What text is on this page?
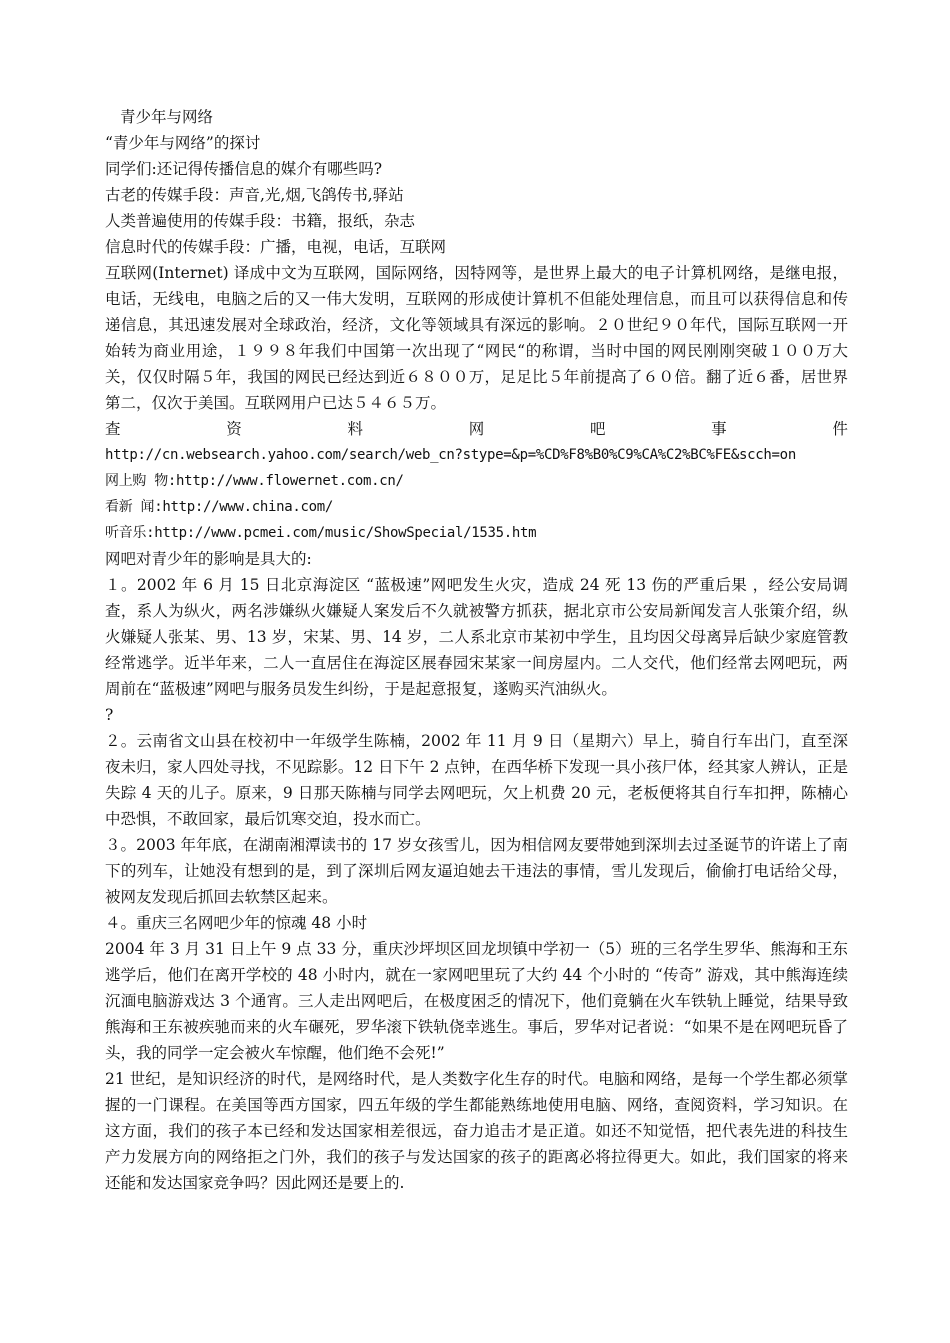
青少年与网络
“青少年与网络”的探讨
同学们:还记得传播信息的媒介有哪些吗?
古老的传媒手段：声音,光,烟,飞鸽传书,驿站
人类普遍使用的传媒手段：书籍，报纸，杂志
信息时代的传媒手段：广播，电视，电话，互联网

互联网(Internet) 译成中文为互联网，国际网络，因特网等，是世界上最大的电子计算机网络，是继电报，电话，无线电，电脑之后的又一伟大发明，互联网的形成使计算机不但能处理信息，而且可以获得信息和传递信息，其迅速发展对全球政治，经济，文化等领域具有深远的影响。２０世纪９０年代，国际互联网一开始转为商业用途，１９９８年我们中国第一次出现了“网民“的称谓，当时中国的网民刚刚突破１００万大关，仅仅时隔５年，我国的网民已经达到近６８００万，足足比５年前提高了６０倍。翻了近６番，居世界第二，仅次于美国。互联网用户已达５４６５万。

查	资	料	网	吧	事	件
http://cn.websearch.yahoo.com/search/web_cn?stype=&p=%CD%F8%B0%C9%CA%C2%BC%FE&scch=on
网上购 物:http://www.flowernet.com.cn/
看新 闻:http://www.china.com/
听音乐:http://www.pcmei.com/music/ShowSpecial/1535.htm
网吧对青少年的影响是具大的:

１。2002 年 6 月 15 日北京海淀区 “蓝极速”网吧发生火灾，造成 24 死 13 伤的严重后果 ，经公安局调查，系人为纵火，两名涉嫌纵火嫌疑人案发后不久就被警方抓获，据北京市公安局新闻发言人张策介绍，纵火嫌疑人张某、男、13 岁，宋某、男、14 岁，二人系北京市某初中学生，且均因父母离异后缺少家庭管教经常逃学。近半年来，二人一直居住在海淀区展春园宋某家一间房屋内。二人交代，他们经常去网吧玩，两周前在“蓝极速”网吧与服务员发生纠纷，于是起意报复，遂购买汽油纵火。

?

２。云南省文山县在校初中一年级学生陈楠，2002 年 11 月 9 日（星期六）早上，骑自行车出门，直至深夜未归，家人四处寻找，不见踪影。12 日下午 2 点钟，在西华桥下发现一具小孩尸体，经其家人辨认，正是失踪 4 天的儿子。原来，9 日那天陈楠与同学去网吧玩，欠上机费 20 元，老板便将其自行车扣押，陈楠心中恐惧，不敢回家，最后饥寒交迫，投水而亡。

３。2003 年年底，在湖南湘潭读书的 17 岁女孩雪儿，因为相信网友要带她到深圳去过圣诞节的许诺上了南下的列车，让她没有想到的是，到了深圳后网友逼迫她去干违法的事情，雪儿发现后，偷偷打电话给父母，被网友发现后抓回去软禁区起来。

４。重庆三名网吧少年的惊魂 48 小时

2004 年 3 月 31 日上午 9 点 33 分，重庆沙坪坝区回龙坝镇中学初一（5）班的三名学生罗华、熊海和王东逃学后，他们在离开学校的 48 小时内，就在一家网吧里玩了大约 44 个小时的 “传奇” 游戏，其中熊海连续沉湎电脑游戏达 3 个通宵。三人走出网吧后，在极度困乏的情况下，他们竟躺在火车铁轨上睡觉，结果导致熊海和王东被疾驰而来的火车碾死，罗华滚下铁轨侥幸逃生。事后，罗华对记者说：“如果不是在网吧玩昏了头，我的同学一定会被火车惊醒，他们绝不会死!”

21 世纪，是知识经济的时代，是网络时代，是人类数字化生存的时代。电脑和网络，是每一个学生都必须掌握的一门课程。在美国等西方国家，四五年级的学生都能熟练地使用电脑、网络，查阅资料，学习知识。在这方面，我们的孩子本已经和发达国家相差很远，奋力追击才是正道。如还不知觉悟，把代表先进的科技生产力发展方向的网络拒之门外，我们的孩子与发达国家的孩子的距离必将拉得更大。如此，我们国家的将来还能和发达国家竞争吗？因此网还是要上的.
